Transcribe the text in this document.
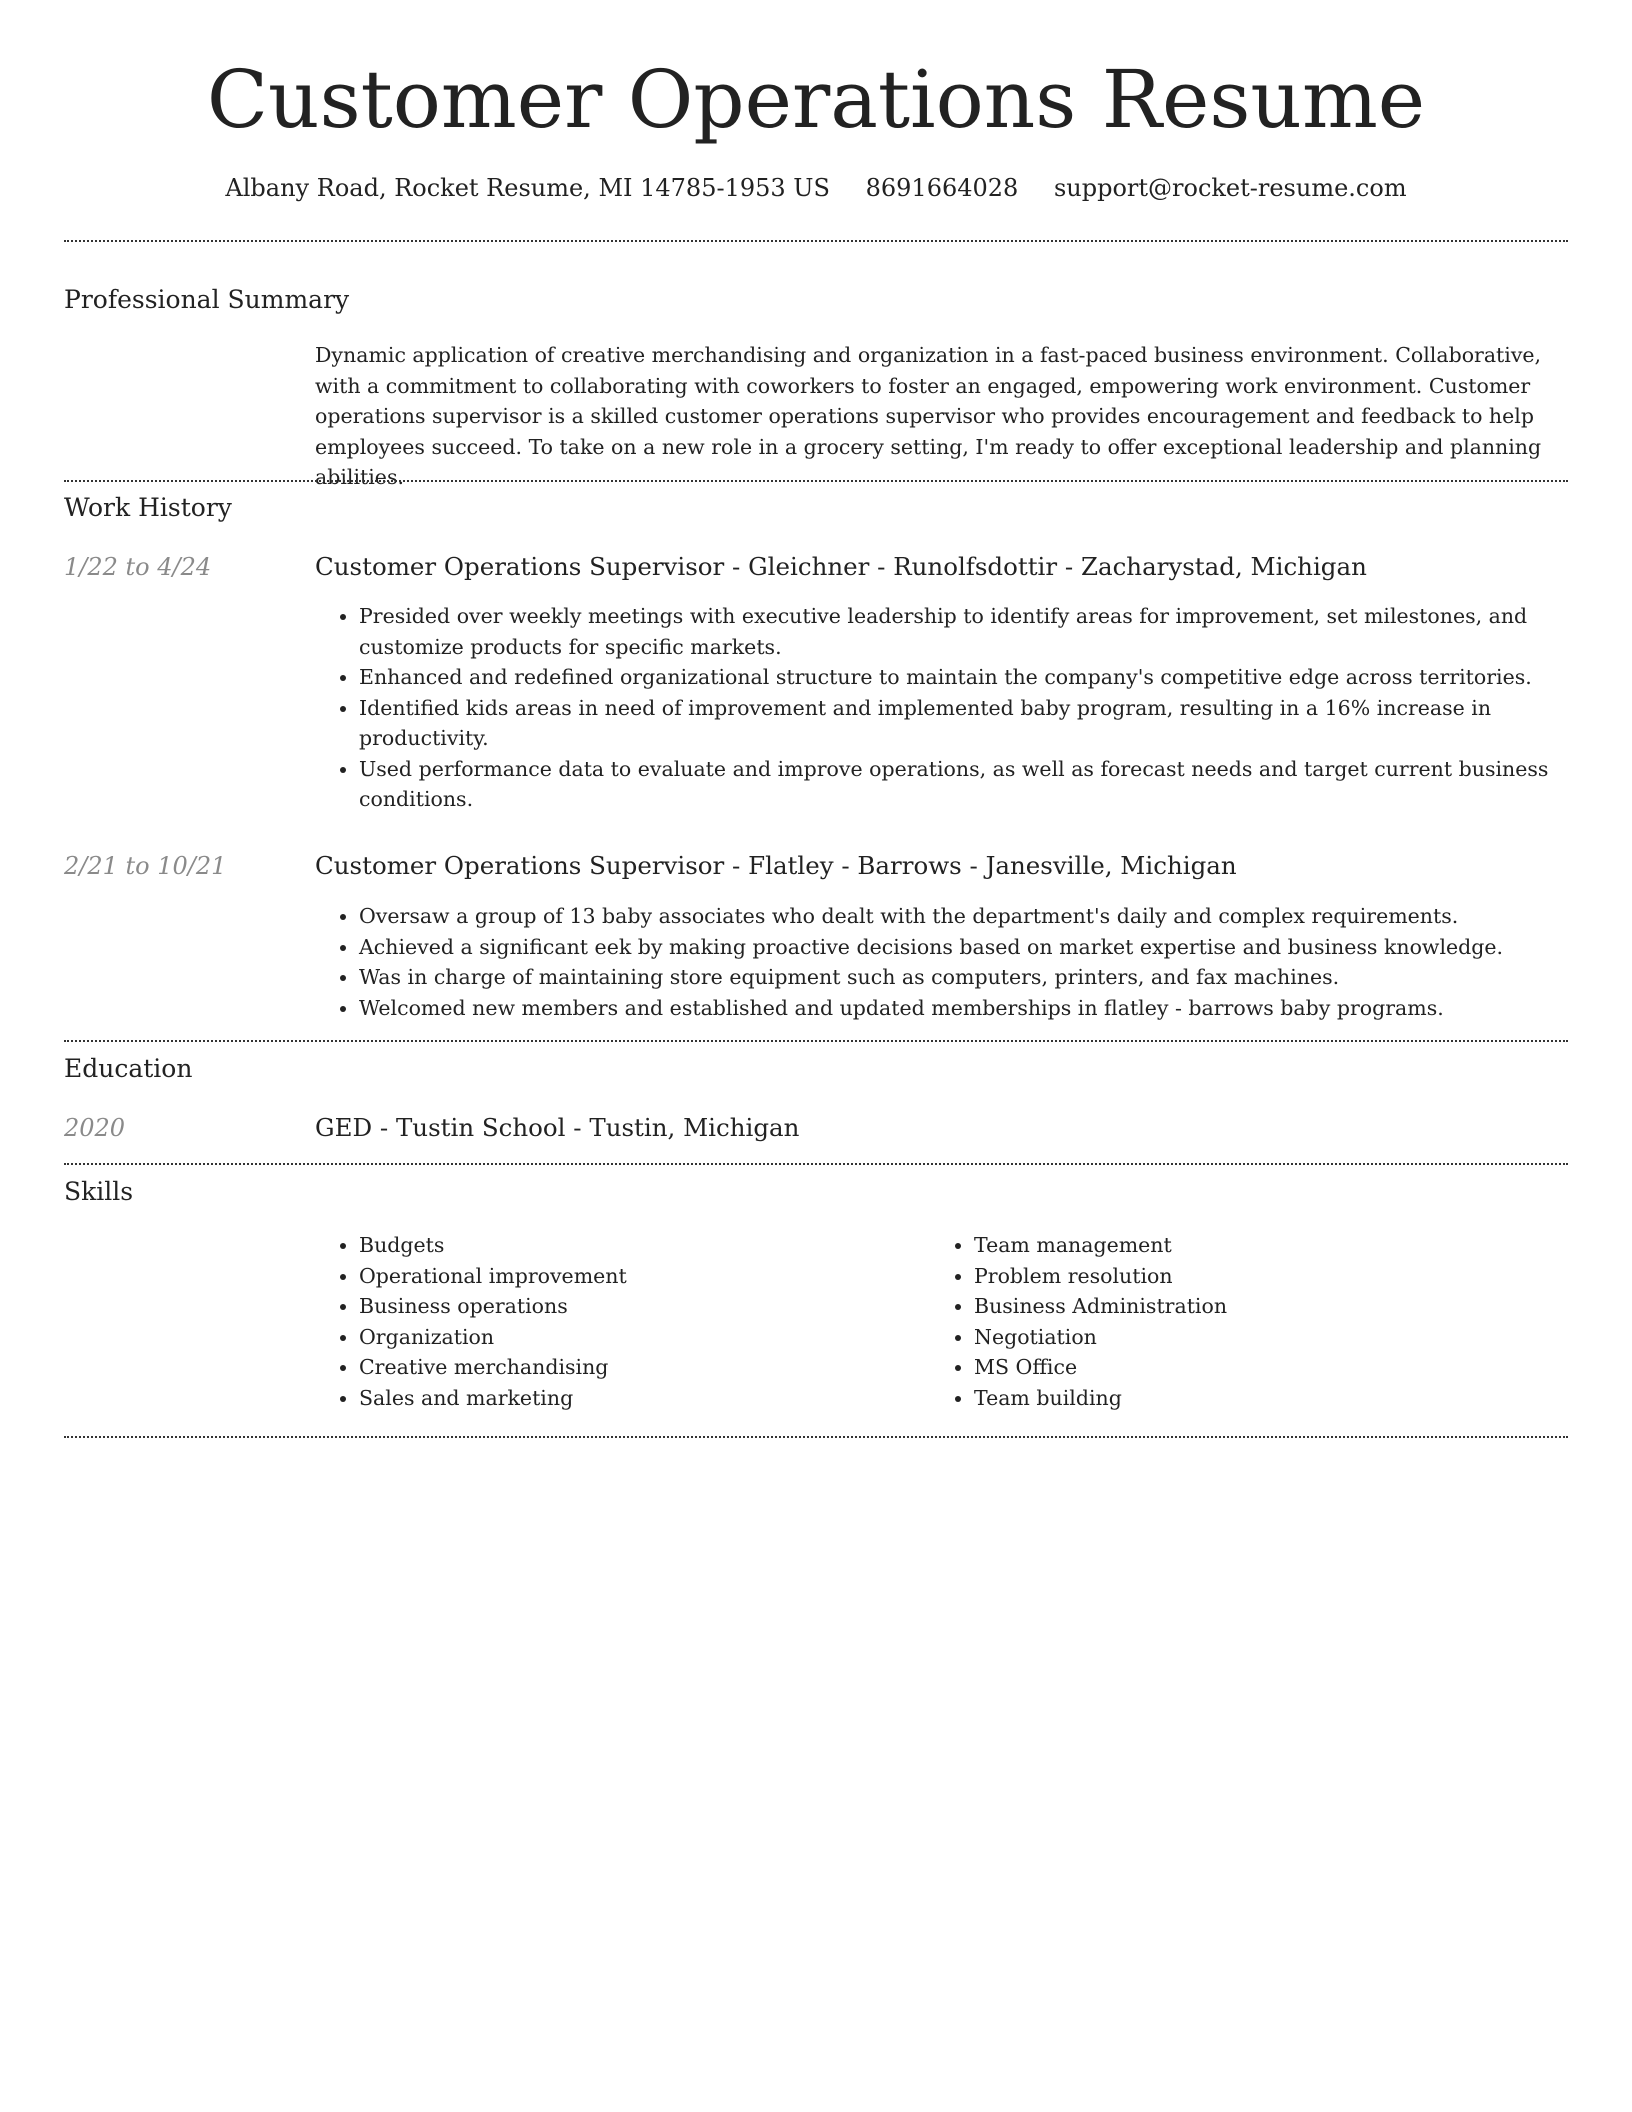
Customer Operations Resume
Albany Road, Rocket Resume, MI 14785-1953 US 8691664028 support@rocket-resume.com
Professional Summary
Dynamic application of creative merchandising and organization in a fast-paced business environment. Collaborative, with a commitment to collaborating with coworkers to foster an engaged, empowering work environment. Customer operations supervisor is a skilled customer operations supervisor who provides encouragement and feedback to help employees succeed. To take on a new role in a grocery setting, I'm ready to offer exceptional leadership and planning abilities.
Work History
1/22 to 4/24	Customer Operations Supervisor - Gleichner - Runolfsdottir - Zacharystad, Michigan
• Presided over weekly meetings with executive leadership to identify areas for improvement, set milestones, and customize products for specific markets.
• Enhanced and redefined organizational structure to maintain the company's competitive edge across territories.
• Identified kids areas in need of improvement and implemented baby program, resulting in a 16% increase in productivity.
• Used performance data to evaluate and improve operations, as well as forecast needs and target current business conditions.
2/21 to 10/21	Customer Operations Supervisor - Flatley - Barrows - Janesville, Michigan
• Oversaw a group of 13 baby associates who dealt with the department's daily and complex requirements.
• Achieved a significant eek by making proactive decisions based on market expertise and business knowledge.
• Was in charge of maintaining store equipment such as computers, printers, and fax machines.
• Welcomed new members and established and updated memberships in flatley - barrows baby programs.
Education
2020	GED - Tustin School - Tustin, Michigan
Skills
• Budgets
• Operational improvement
• Business operations
• Organization
• Creative merchandising
• Sales and marketing
• Team management
• Problem resolution
• Business Administration
• Negotiation
• MS Office
• Team building
